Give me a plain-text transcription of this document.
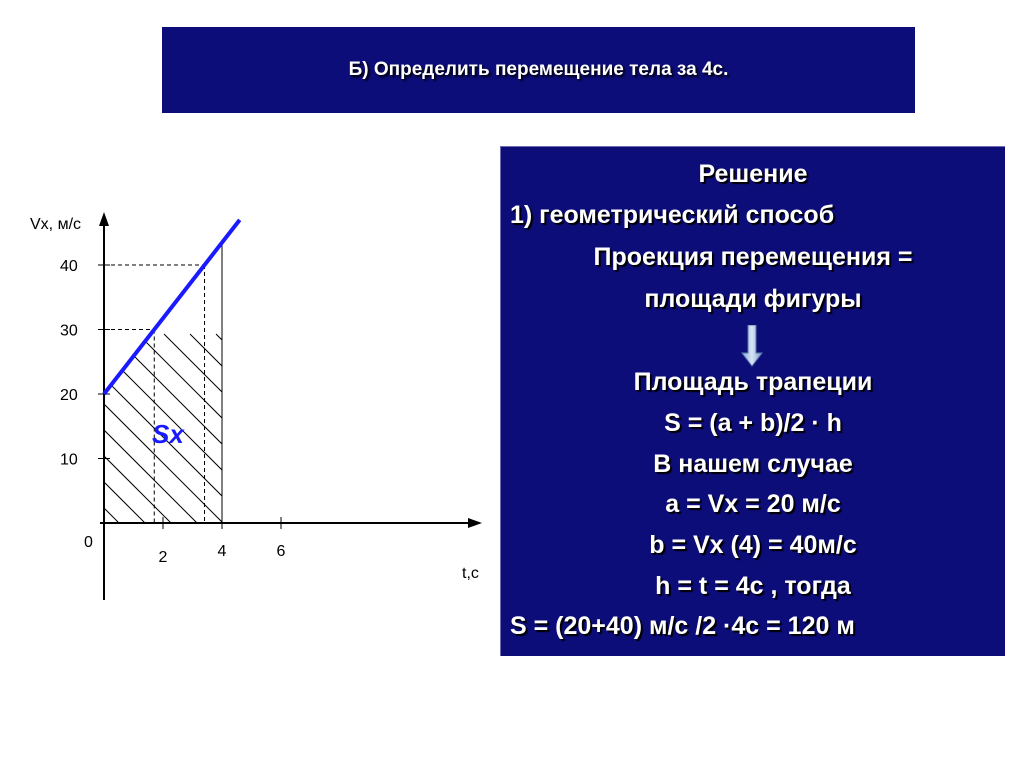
Б) Определить перемещение тела за 4с.
2	4	6
10
20
30
40
Vx, м/с
t,c
0
Sx
Решение
1) геометрический способ
Проекция перемещения =
площади фигуры
Площадь трапеции
S = (a + b)/2 · h
В нашем случае
a = Vx = 20 м/с
b = Vx (4) = 40м/с
h = t = 4с , тогда
S = (20+40) м/с /2 ·4с = 120 м
